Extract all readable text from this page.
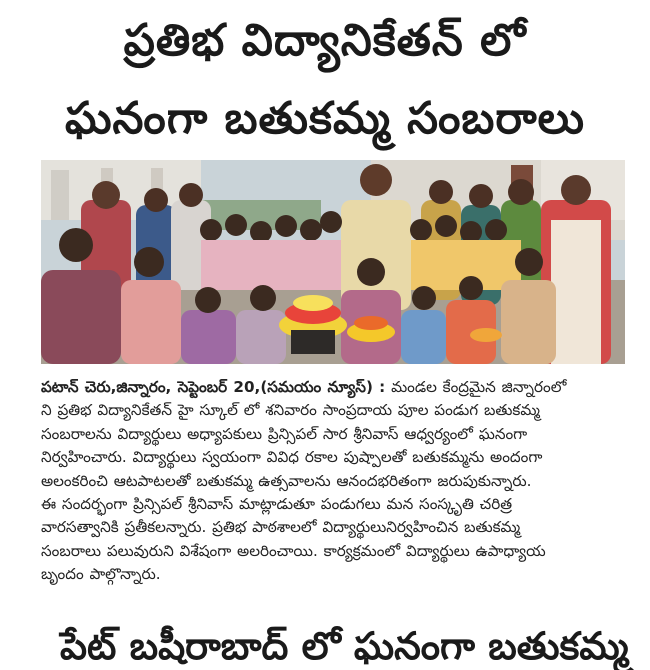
ప్రతిభ విద్యానికేతన్ లో
ఘనంగా బతుకమ్మ సంబరాలు
పటాన్ చెరు,జిన్నారం, సెప్టెంబర్ 20,(సమయం న్యూస్) : మండల కేంద్రమైన జిన్నారంలో
ని ప్రతిభ విద్యానికేతన్ హై స్కూల్ లో శనివారం సాంప్రదాయ పూల పండుగ బతుకమ్మ
సంబరాలను విద్యార్థులు అధ్యాపకులు ప్రిన్సిపల్ సార శ్రీనివాస్ ఆధ్వర్యంలో ఘనంగా
నిర్వహించారు. విద్యార్థులు స్వయంగా వివిధ రకాల పుష్పాలతో బతుకమ్మను అందంగా
అలంకరించి ఆటపాటలతో బతుకమ్మ ఉత్సవాలను ఆనందభరితంగా జరుపుకున్నారు.
ఈ సందర్భంగా ప్రిన్సిపల్ శ్రీనివాస్ మాట్లాడుతూ పండుగలు మన సంస్కృతి చరిత్ర
వారసత్వానికి ప్రతీకలన్నారు. ప్రతిభ పాఠశాలలో విద్యార్థులునిర్వహించిన బతుకమ్మ
సంబరాలు పలువురుని విశేషంగా అలరించాయి. కార్యక్రమంలో విద్యార్థులు ఉపాధ్యాయ
బృందం పాల్గొన్నారు.
పేట్ బషీరాబాద్ లో ఘనంగా బతుకమ్మ
